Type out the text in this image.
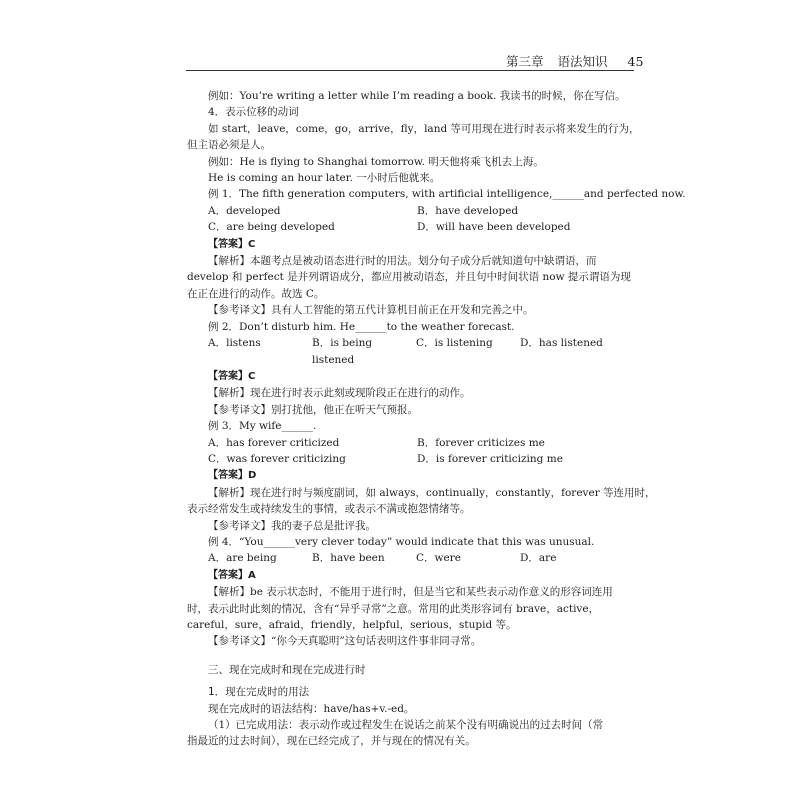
第三章 语法知识 45

例如：You’re writing a letter while I’m reading a book. 我读书的时候，你在写信。

4．表示位移的动词

如 start，leave，come，go，arrive，fly，land 等可用现在进行时表示将来发生的行为，

但主语必须是人。

例如：He is flying to Shanghai tomorrow. 明天他将乘飞机去上海。

He is coming an hour later. 一小时后他就来。

例 1．The fifth generation computers, with artificial intelligence,______and perfected now.

A．developed	B．have developed
C．are being developed	D．will have been developed

【答案】C

【解析】本题考点是被动语态进行时的用法。划分句子成分后就知道句中缺谓语，而

develop 和 perfect 是并列谓语成分，都应用被动语态，并且句中时间状语 now 提示谓语为现

在正在进行的动作。故选 C。

【参考译文】具有人工智能的第五代计算机目前正在开发和完善之中。

例 2．Don’t disturb him. He______to the weather forecast.

A．listens	B．is being listened
C．is listening	D．has listened

【答案】C

【解析】现在进行时表示此刻或现阶段正在进行的动作。

【参考译文】别打扰他，他正在听天气预报。

例 3．My wife______.

A．has forever criticized	B．forever criticizes me
C．was forever criticizing	D．is forever criticizing me

【答案】D

【解析】现在进行时与频度副词，如 always，continually，constantly，forever 等连用时，

表示经常发生或持续发生的事情，或表示不满或抱怨情绪等。

【参考译文】我的妻子总是批评我。

例 4．“You______very clever today” would indicate that this was unusual.

A．are being	B．have been	C．were	D．are

【答案】A

【解析】be 表示状态时，不能用于进行时，但是当它和某些表示动作意义的形容词连用

时，表示此时此刻的情况，含有“异乎寻常”之意。常用的此类形容词有 brave，active，

careful，sure，afraid，friendly，helpful，serious，stupid 等。

【参考译文】“你今天真聪明”这句话表明这件事非同寻常。

三、现在完成时和现在完成进行时

1．现在完成时的用法

现在完成时的语法结构：have/has+v.-ed。

（1）已完成用法：表示动作或过程发生在说话之前某个没有明确说出的过去时间（常

指最近的过去时间），现在已经完成了，并与现在的情况有关。
